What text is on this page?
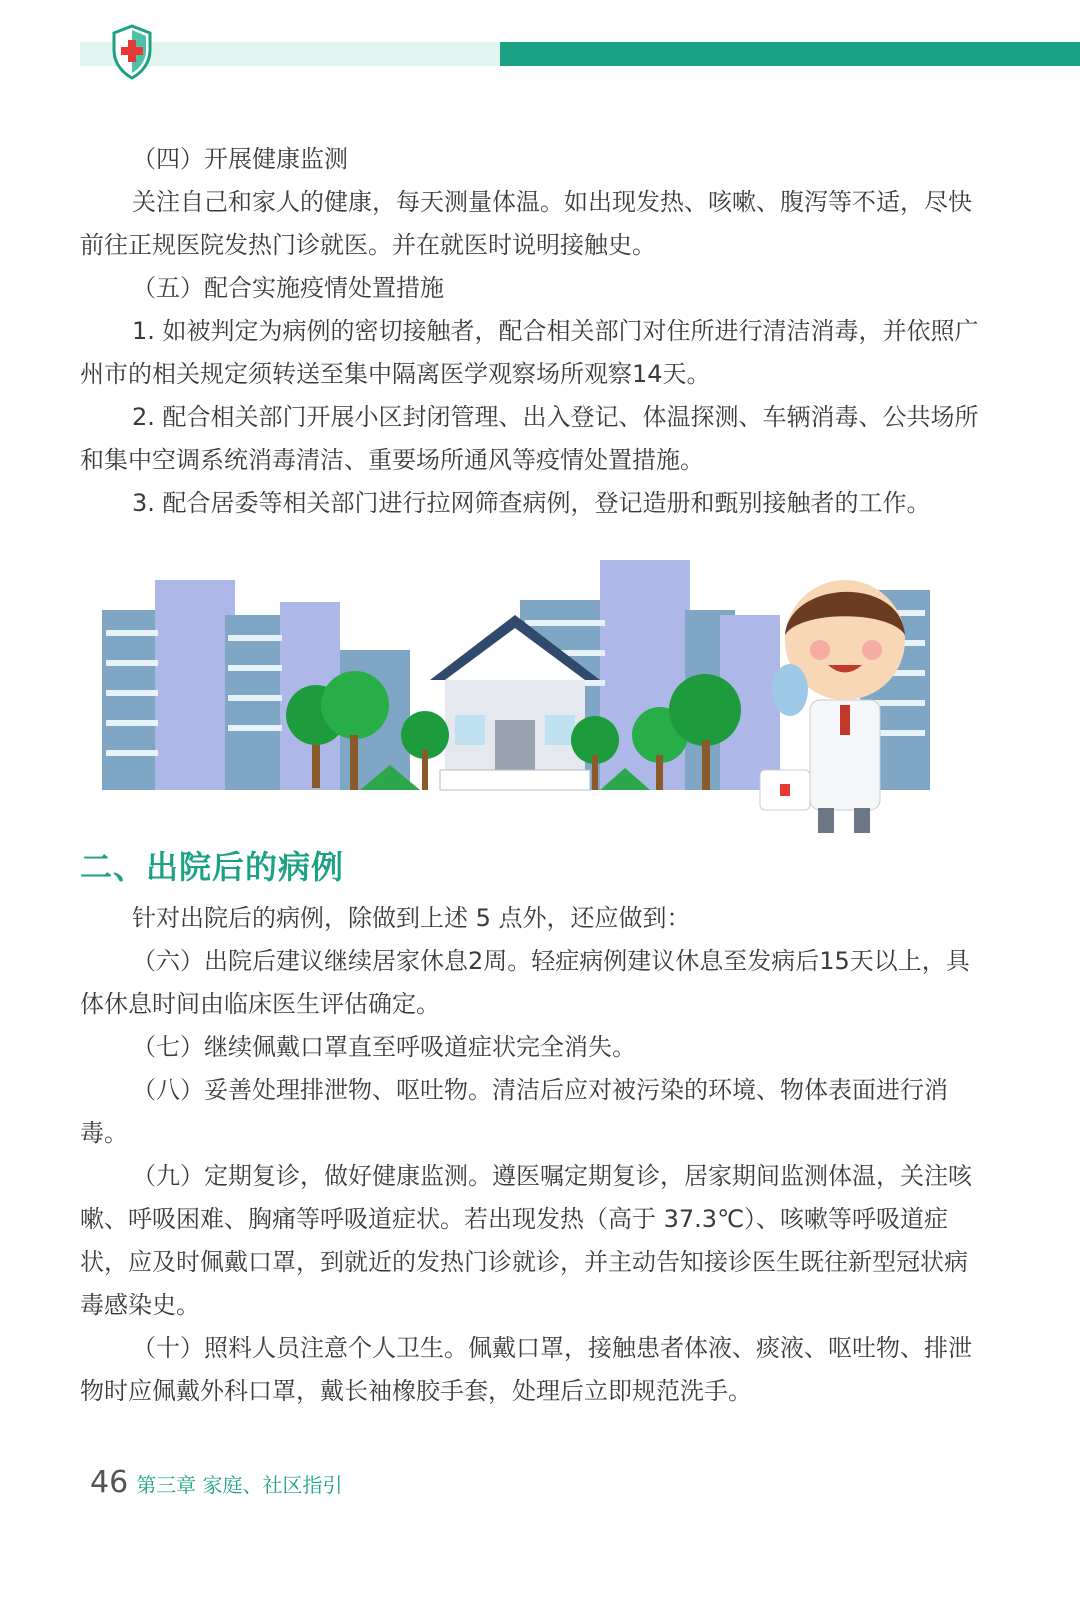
（四）开展健康监测

关注自己和家人的健康，每天测量体温。如出现发热、咳嗽、腹泻等不适，尽快前往正规医院发热门诊就医。并在就医时说明接触史。

（五）配合实施疫情处置措施

1. 如被判定为病例的密切接触者，配合相关部门对住所进行清洁消毒，并依照广州市的相关规定须转送至集中隔离医学观察场所观察14天。

2. 配合相关部门开展小区封闭管理、出入登记、体温探测、车辆消毒、公共场所和集中空调系统消毒清洁、重要场所通风等疫情处置措施。

3. 配合居委等相关部门进行拉网筛查病例，登记造册和甄别接触者的工作。

二、出院后的病例

针对出院后的病例，除做到上述 5 点外，还应做到：

（六）出院后建议继续居家休息2周。轻症病例建议休息至发病后15天以上，具体休息时间由临床医生评估确定。

（七）继续佩戴口罩直至呼吸道症状完全消失。

（八）妥善处理排泄物、呕吐物。清洁后应对被污染的环境、物体表面进行消毒。

（九）定期复诊，做好健康监测。遵医嘱定期复诊，居家期间监测体温，关注咳嗽、呼吸困难、胸痛等呼吸道症状。若出现发热（高于 37.3℃）、咳嗽等呼吸道症状，应及时佩戴口罩，到就近的发热门诊就诊，并主动告知接诊医生既往新型冠状病毒感染史。

（十）照料人员注意个人卫生。佩戴口罩，接触患者体液、痰液、呕吐物、排泄物时应佩戴外科口罩，戴长袖橡胶手套，处理后立即规范洗手。

46 第三章 家庭、社区指引
